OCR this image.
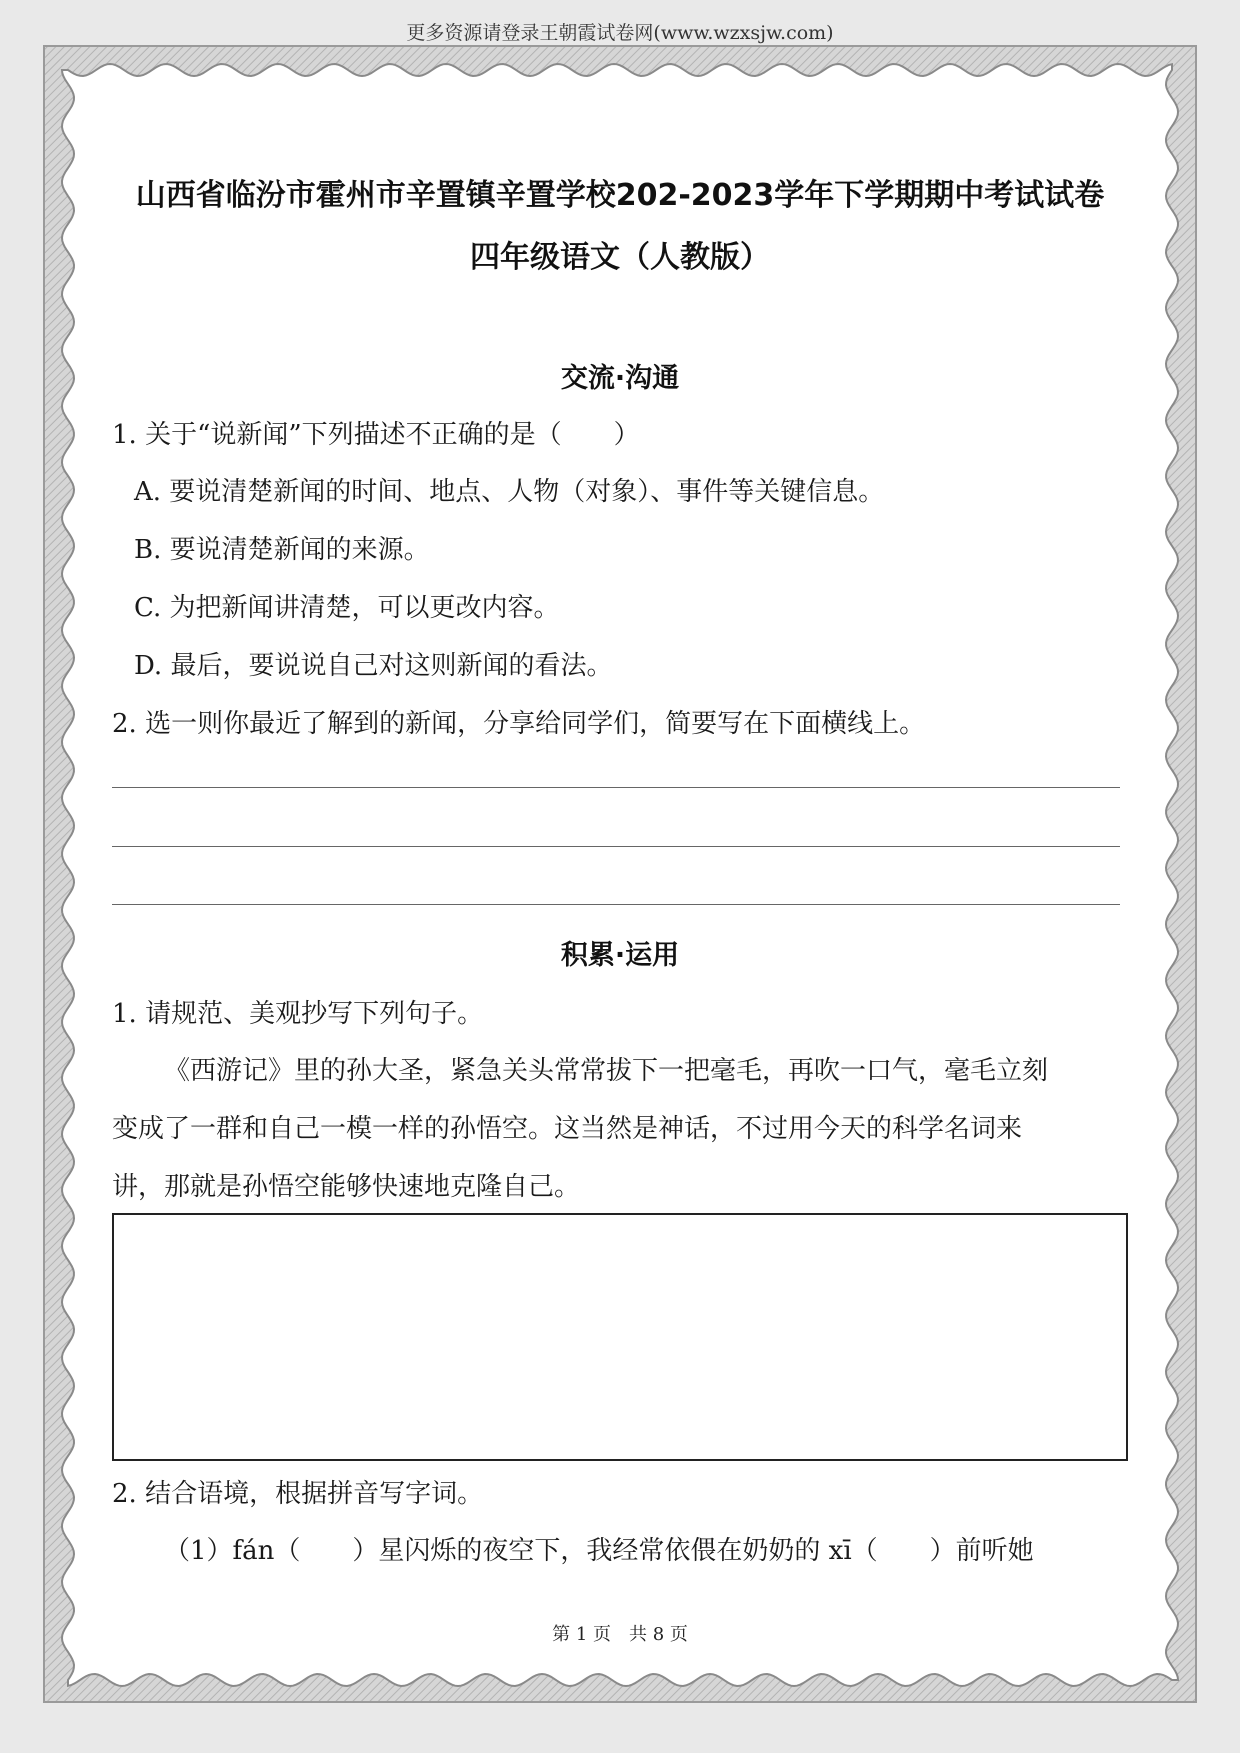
更多资源请登录王朝霞试卷网(www.wzxsjw.com)
山西省临汾市霍州市辛置镇辛置学校202-2023学年下学期期中考试试卷
四年级语文（人教版）
交流·沟通
1. 关于“说新闻”下列描述不正确的是（　　）
A. 要说清楚新闻的时间、地点、人物（对象）、事件等关键信息。
B. 要说清楚新闻的来源。
C. 为把新闻讲清楚，可以更改内容。
D. 最后，要说说自己对这则新闻的看法。
2. 选一则你最近了解到的新闻，分享给同学们，简要写在下面横线上。
积累·运用
1. 请规范、美观抄写下列句子。
《西游记》里的孙大圣，紧急关头常常拔下一把毫毛，再吹一口气，毫毛立刻
变成了一群和自己一模一样的孙悟空。这当然是神话，不过用今天的科学名词来
讲，那就是孙悟空能够快速地克隆自己。
2. 结合语境，根据拼音写字词。
（1）fán（　　）星闪烁的夜空下，我经常依偎在奶奶的 xī（　　）前听她
第 1 页　共 8 页
